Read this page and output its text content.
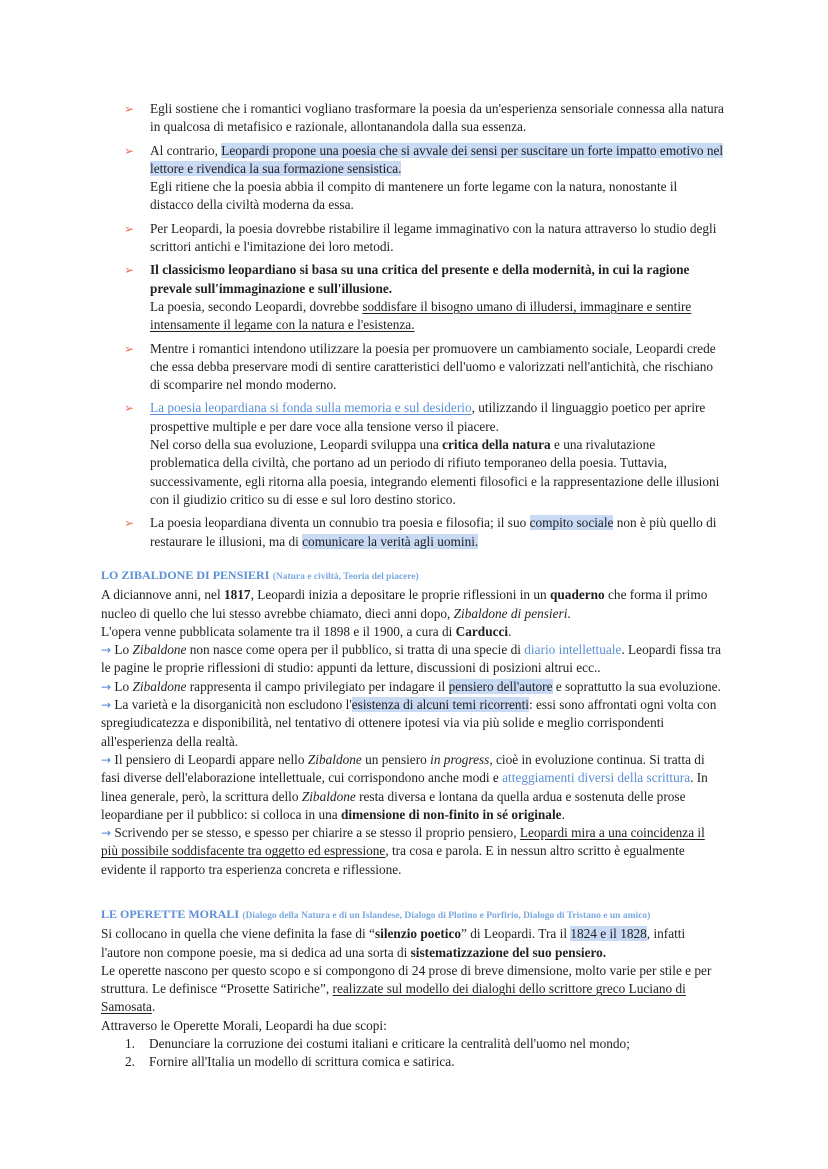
➢ Egli sostiene che i romantici vogliano trasformare la poesia da un'esperienza sensoriale connessa alla natura in qualcosa di metafisico e razionale, allontanandola dalla sua essenza.
➢ Al contrario, Leopardi propone una poesia che si avvale dei sensi per suscitare un forte impatto emotivo nel lettore e rivendica la sua formazione sensistica.
Egli ritiene che la poesia abbia il compito di mantenere un forte legame con la natura, nonostante il distacco della civiltà moderna da essa.
➢ Per Leopardi, la poesia dovrebbe ristabilire il legame immaginativo con la natura attraverso lo studio degli scrittori antichi e l'imitazione dei loro metodi.
➢ Il classicismo leopardiano si basa su una critica del presente e della modernità, in cui la ragione prevale sull'immaginazione e sull'illusione.
La poesia, secondo Leopardi, dovrebbe soddisfare il bisogno umano di illudersi, immaginare e sentire intensamente il legame con la natura e l'esistenza.
➢ Mentre i romantici intendono utilizzare la poesia per promuovere un cambiamento sociale, Leopardi crede che essa debba preservare modi di sentire caratteristici dell'uomo e valorizzati nell'antichità, che rischiano di scomparire nel mondo moderno.
➢ La poesia leopardiana si fonda sulla memoria e sul desiderio, utilizzando il linguaggio poetico per aprire prospettive multiple e per dare voce alla tensione verso il piacere.
Nel corso della sua evoluzione, Leopardi sviluppa una critica della natura e una rivalutazione problematica della civiltà, che portano ad un periodo di rifiuto temporaneo della poesia. Tuttavia, successivamente, egli ritorna alla poesia, integrando elementi filosofici e la rappresentazione delle illusioni con il giudizio critico su di esse e sul loro destino storico.
➢ La poesia leopardiana diventa un connubio tra poesia e filosofia; il suo compito sociale non è più quello di restaurare le illusioni, ma di comunicare la verità agli uomini.
LO ZIBALDONE DI PENSIERI (Natura e civiltà, Teoria del piacere)

A diciannove anni, nel 1817, Leopardi inizia a depositare le proprie riflessioni in un quaderno che forma il primo nucleo di quello che lui stesso avrebbe chiamato, dieci anni dopo, Zibaldone di pensieri.

L'opera venne pubblicata solamente tra il 1898 e il 1900, a cura di Carducci.

→ Lo Zibaldone non nasce come opera per il pubblico, si tratta di una specie di diario intellettuale. Leopardi fissa tra le pagine le proprie riflessioni di studio: appunti da letture, discussioni di posizioni altrui ecc..

→ Lo Zibaldone rappresenta il campo privilegiato per indagare il pensiero dell'autore e soprattutto la sua evoluzione.

→ La varietà e la disorganicità non escludono l'esistenza di alcuni temi ricorrenti: essi sono affrontati ogni volta con spregiudicatezza e disponibilità, nel tentativo di ottenere ipotesi via via più solide e meglio corrispondenti all'esperienza della realtà.

→ Il pensiero di Leopardi appare nello Zibaldone un pensiero in progress, cioè in evoluzione continua. Si tratta di fasi diverse dell'elaborazione intellettuale, cui corrispondono anche modi e atteggiamenti diversi della scrittura. In linea generale, però, la scrittura dello Zibaldone resta diversa e lontana da quella ardua e sostenuta delle prose leopardiane per il pubblico: si colloca in una dimensione di non-finito in sé originale.

→ Scrivendo per se stesso, e spesso per chiarire a se stesso il proprio pensiero, Leopardi mira a una coincidenza il più possibile soddisfacente tra oggetto ed espressione, tra cosa e parola. E in nessun altro scritto è egualmente evidente il rapporto tra esperienza concreta e riflessione.

LE OPERETTE MORALI (Dialogo della Natura e di un Islandese, Dialogo di Plotino e Porfirio, Dialogo di Tristano e un amico)

Si collocano in quella che viene definita la fase di “silenzio poetico” di Leopardi. Tra il 1824 e il 1828, infatti l'autore non compone poesie, ma si dedica ad una sorta di sistematizzazione del suo pensiero.

Le operette nascono per questo scopo e si compongono di 24 prose di breve dimensione, molto varie per stile e per struttura. Le definisce “Prosette Satiriche”, realizzate sul modello dei dialoghi dello scrittore greco Luciano di Samosata.

Attraverso le Operette Morali, Leopardi ha due scopi:

1. Denunciare la corruzione dei costumi italiani e criticare la centralità dell'uomo nel mondo;
2. Fornire all'Italia un modello di scrittura comica e satirica.
